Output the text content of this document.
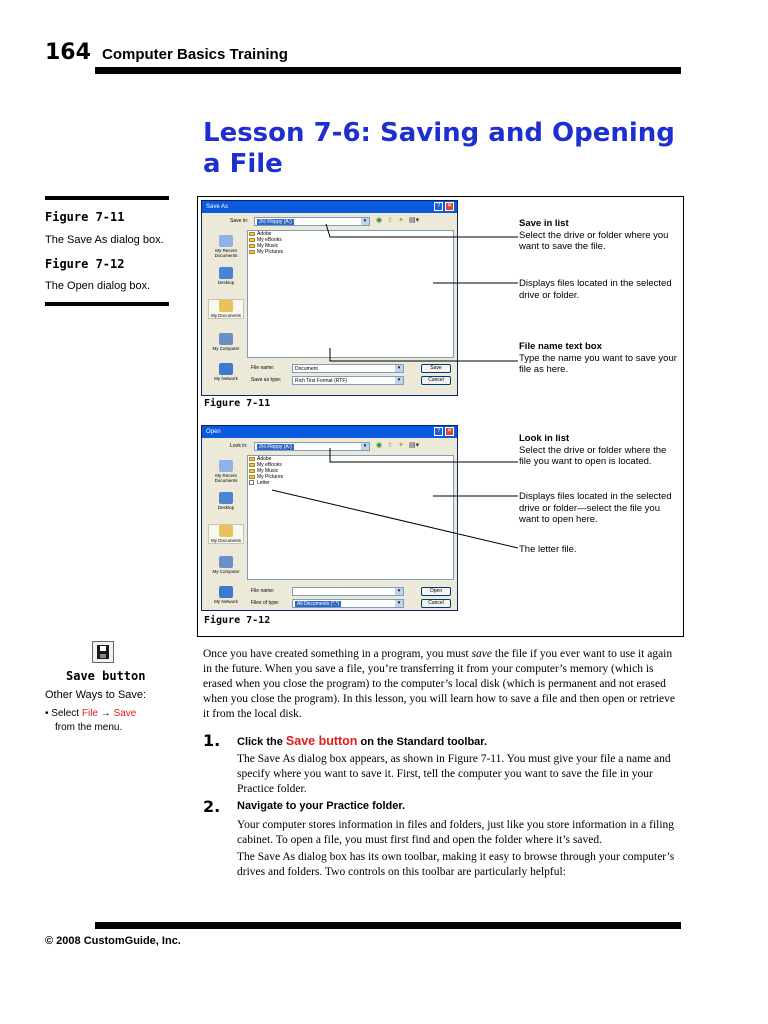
164 Computer Basics Training
Lesson 7-6: Saving and Opening a File
Figure 7-11
The Save As dialog box.
Figure 7-12
The Open dialog box.
Save As	?	✕
Save in:	3½ Floppy (A:)	▾	◉ ⇧ ✦ ▤▾
My Recent Documents
Desktop
My Documents
My Computer
My Network
Adobe
My eBooks
My Music
My Pictures
File name:	Document	▾	Save
Save as type:	Rich Text Format (RTF)	▾	Cancel
Figure 7-11
Open	?	✕
Look in:	3½ Floppy (A:)	▾	◉ ⇧ ✦ ▤▾
My Recent Documents
Desktop
My Documents
My Computer
My Network
Adobe
My eBooks
My Music
My Pictures
Letter
File name:	▾	Open
Files of type:	All Documents (*.*)	▾	Cancel
Figure 7-12
Save in list
Select the drive or folder where you want to save the file.
Displays files located in the selected drive or folder.
File name text box
Type the name you want to save your file as here.
Look in list
Select the drive or folder where the file you want to open is located.
Displays files located in the selected drive or folder—select the file you want to open here.
The letter file.
Save button
Other Ways to Save:
• Select File → Save
from the menu.
Once you have created something in a program, you must save the file if you ever want to use it again in the future. When you save a file, you’re transferring it from your computer’s memory (which is erased when you close the program) to the computer’s local disk (which is permanent and not erased when you close the program). In this lesson, you will learn how to save a file and then open or retrieve it from the local disk.
1. Click the Save button on the Standard toolbar.
The Save As dialog box appears, as shown in Figure 7-11. You must give your file a name and specify where you want to save it. First, tell the computer you want to save the file in your Practice folder.
2. Navigate to your Practice folder.
Your computer stores information in files and folders, just like you store information in a filing cabinet. To open a file, you must first find and open the folder where it’s saved.
The Save As dialog box has its own toolbar, making it easy to browse through your computer’s drives and folders. Two controls on this toolbar are particularly helpful:
© 2008 CustomGuide, Inc.
